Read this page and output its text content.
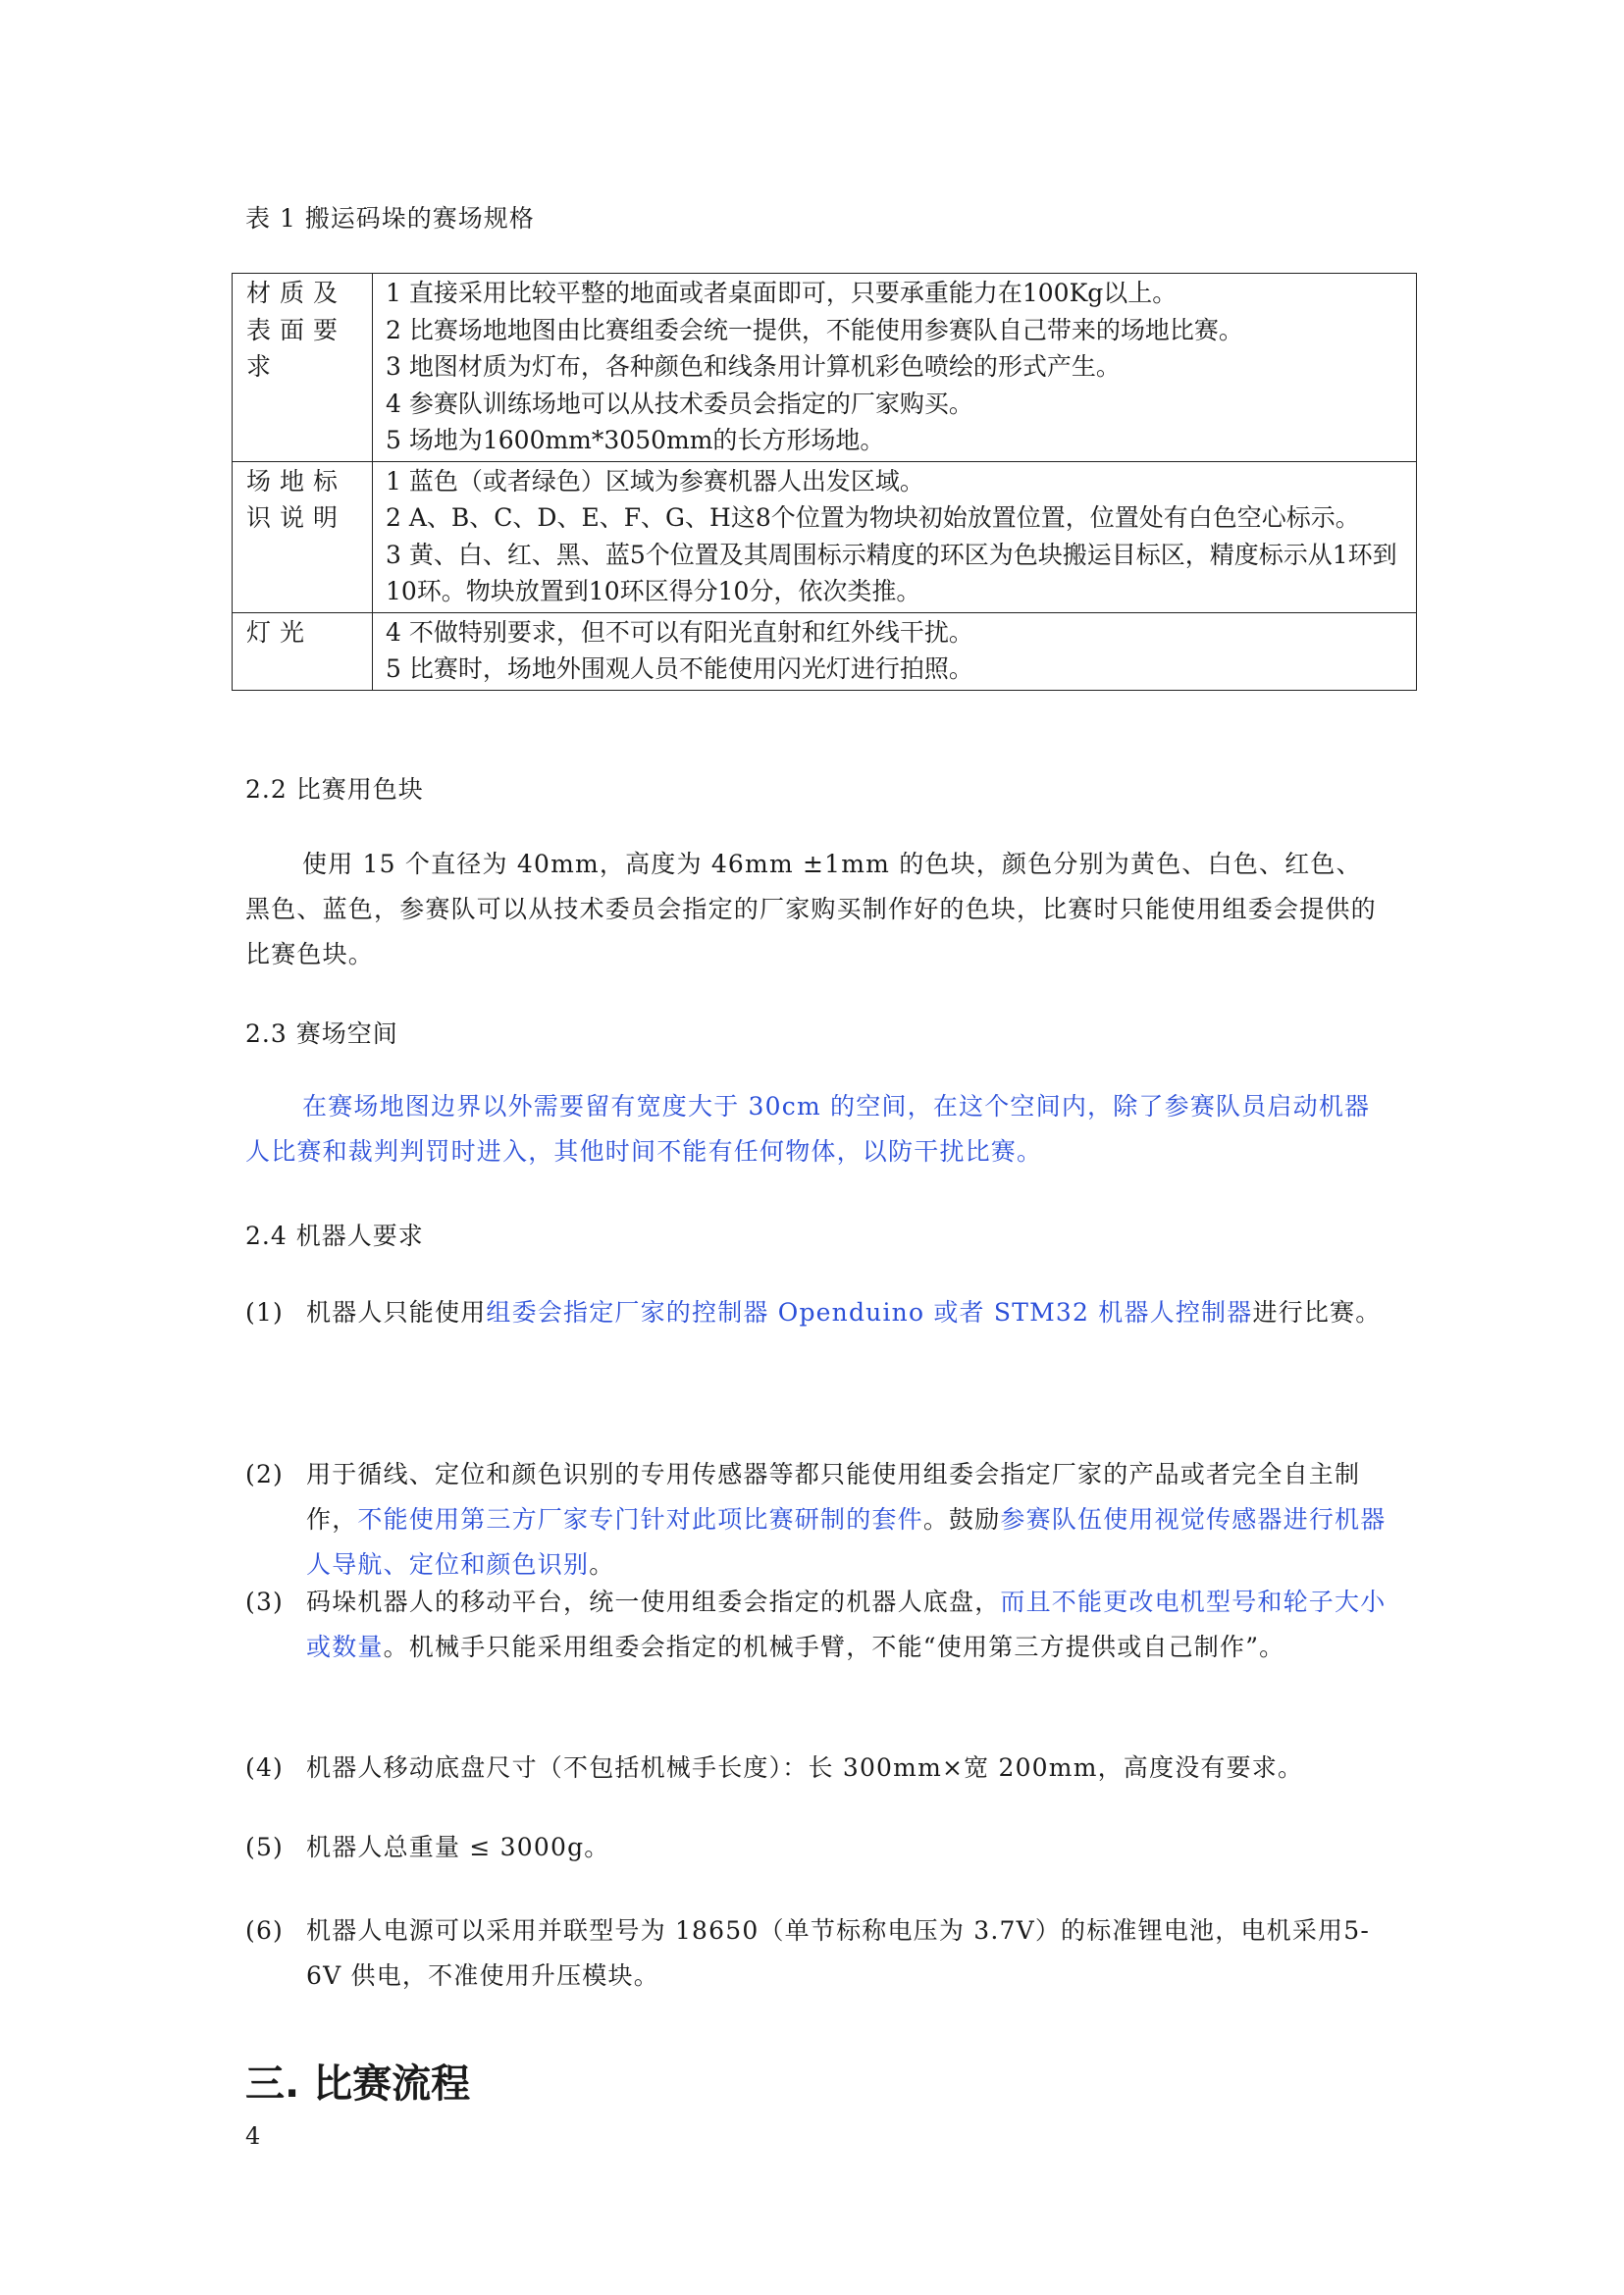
表 1 搬运码垛的赛场规格
材质及表面要求	1 直接采用比较平整的地面或者桌面即可，只要承重能力在100Kg以上。
2 比赛场地地图由比赛组委会统一提供，不能使用参赛队自己带来的场地比赛。
3 地图材质为灯布，各种颜色和线条用计算机彩色喷绘的形式产生。
4 参赛队训练场地可以从技术委员会指定的厂家购买。
5 场地为1600mm*3050mm的长方形场地。

场地标识说明	1 蓝色（或者绿色）区域为参赛机器人出发区域。
2 A、B、C、D、E、F、G、H这8个位置为物块初始放置位置，位置处有白色空心标示。
3 黄、白、红、黑、蓝5个位置及其周围标示精度的环区为色块搬运目标区，精度标示从1环到10环。物块放置到10环区得分10分，依次类推。

灯光	4 不做特别要求，但不可以有阳光直射和红外线干扰。
5 比赛时，场地外围观人员不能使用闪光灯进行拍照。
2.2 比赛用色块
使用 15 个直径为 40mm，高度为 46mm ±1mm 的色块，颜色分别为黄色、白色、红色、黑色、蓝色，参赛队可以从技术委员会指定的厂家购买制作好的色块，比赛时只能使用组委会提供的比赛色块。
2.3 赛场空间
在赛场地图边界以外需要留有宽度大于 30cm 的空间，在这个空间内，除了参赛队员启动机器人比赛和裁判判罚时进入，其他时间不能有任何物体，以防干扰比赛。
2.4 机器人要求
(1) 机器人只能使用组委会指定厂家的控制器 Openduino 或者 STM32 机器人控制器进行比赛。
(2) 用于循线、定位和颜色识别的专用传感器等都只能使用组委会指定厂家的产品或者完全自主制作，不能使用第三方厂家专门针对此项比赛研制的套件。鼓励参赛队伍使用视觉传感器进行机器人导航、定位和颜色识别。
(3) 码垛机器人的移动平台，统一使用组委会指定的机器人底盘，而且不能更改电机型号和轮子大小或数量。机械手只能采用组委会指定的机械手臂，不能“使用第三方提供或自己制作”。
(4) 机器人移动底盘尺寸（不包括机械手长度）：长 300mm×宽 200mm，高度没有要求。
(5) 机器人总重量 ≤ 3000g。
(6) 机器人电源可以采用并联型号为 18650（单节标称电压为 3.7V）的标准锂电池，电机采用5-6V 供电，不准使用升压模块。
三. 比赛流程
4
